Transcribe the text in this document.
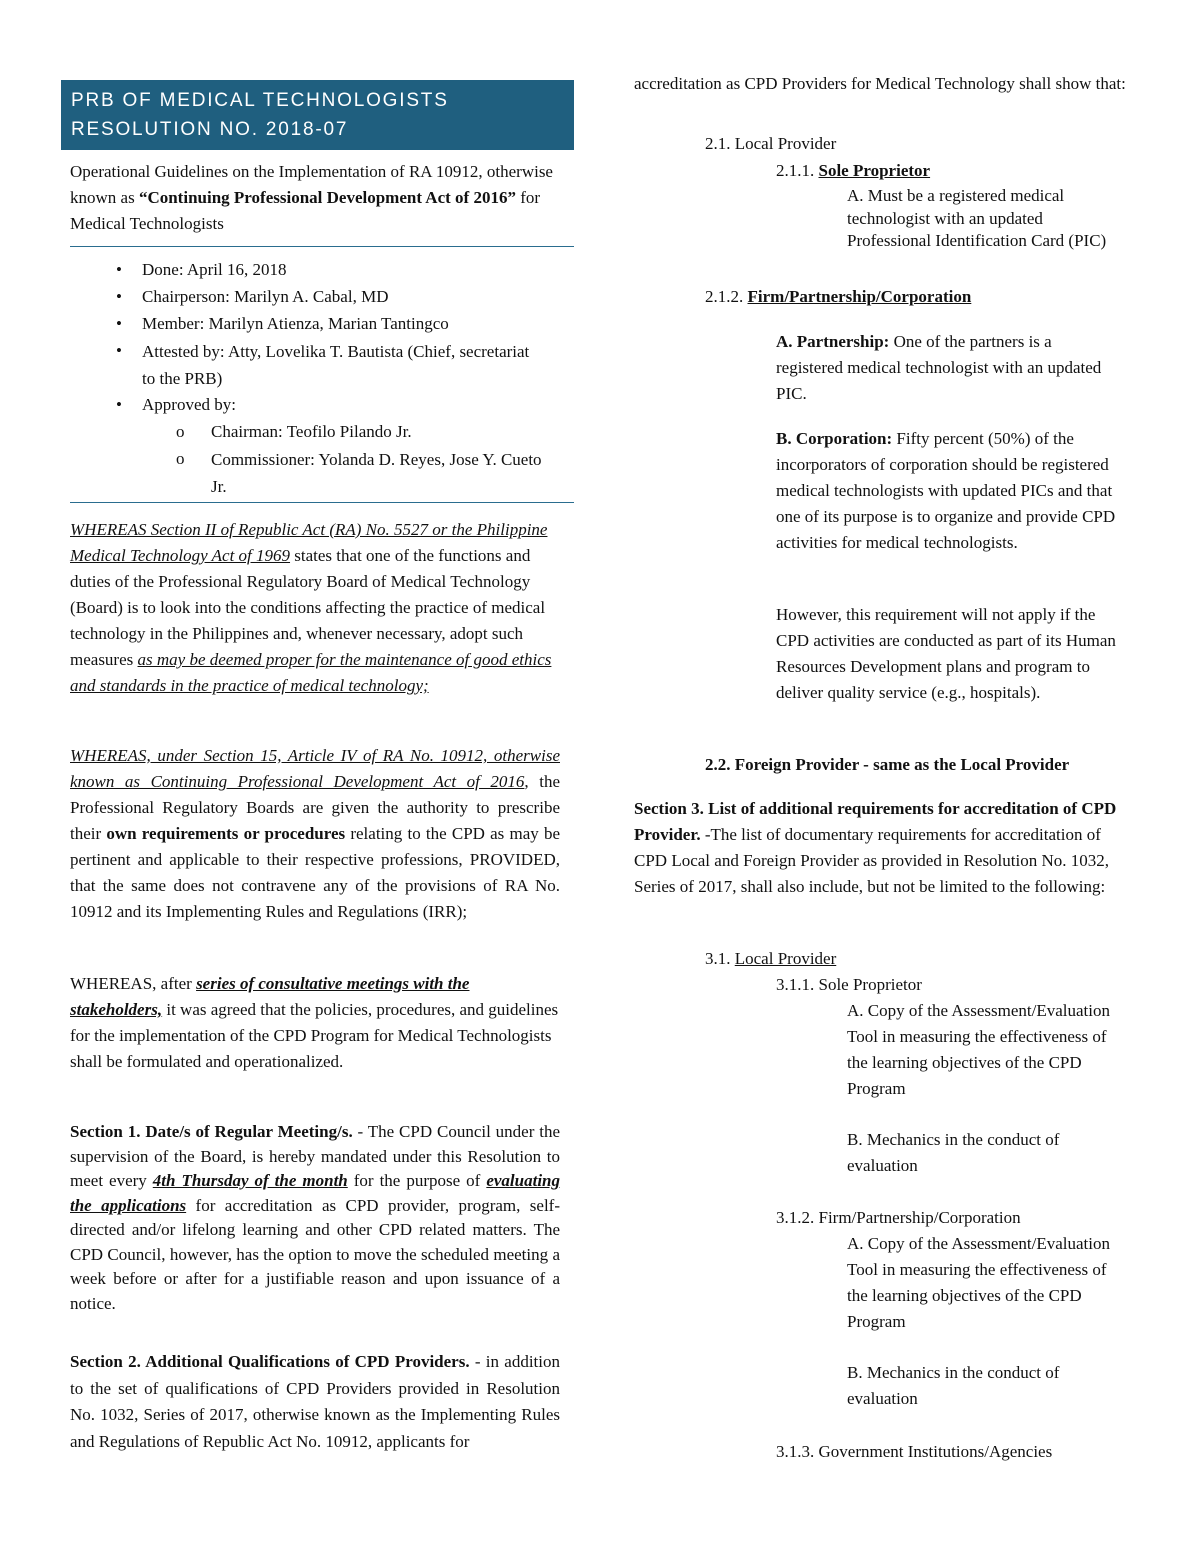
PRB OF MEDICAL TECHNOLOGISTS
RESOLUTION NO. 2018-07
Operational Guidelines on the Implementation of RA 10912, otherwise known as “Continuing Professional Development Act of 2016” for Medical Technologists
• Done: April 16, 2018
• Chairperson: Marilyn A. Cabal, MD
• Member: Marilyn Atienza, Marian Tantingco
• Attested by: Atty, Lovelika T. Bautista (Chief, secretariat to the PRB)
• Approved by:
o Chairman: Teofilo Pilando Jr.
o Commissioner: Yolanda D. Reyes, Jose Y. Cueto Jr.
WHEREAS Section II of Republic Act (RA) No. 5527 or the Philippine Medical Technology Act of 1969 states that one of the functions and duties of the Professional Regulatory Board of Medical Technology (Board) is to look into the conditions affecting the practice of medical technology in the Philippines and, whenever necessary, adopt such measures as may be deemed proper for the maintenance of good ethics and standards in the practice of medical technology;
WHEREAS, under Section 15, Article IV of RA No. 10912, otherwise known as Continuing Professional Development Act of 2016, the Professional Regulatory Boards are given the authority to prescribe their own requirements or procedures relating to the CPD as may be pertinent and applicable to their respective professions, PROVIDED, that the same does not contravene any of the provisions of RA No. 10912 and its Implementing Rules and Regulations (IRR);
WHEREAS, after series of consultative meetings with the stakeholders, it was agreed that the policies, procedures, and guidelines for the implementation of the CPD Program for Medical Technologists shall be formulated and operationalized.
Section 1. Date/s of Regular Meeting/s. - The CPD Council under the supervision of the Board, is hereby mandated under this Resolution to meet every 4th Thursday of the month for the purpose of evaluating the applications for accreditation as CPD provider, program, self-directed and/or lifelong learning and other CPD related matters. The CPD Council, however, has the option to move the scheduled meeting a week before or after for a justifiable reason and upon issuance of a notice.
Section 2. Additional Qualifications of CPD Providers. - in addition to the set of qualifications of CPD Providers provided in Resolution No. 1032, Series of 2017, otherwise known as the Implementing Rules and Regulations of Republic Act No. 10912, applicants for
accreditation as CPD Providers for Medical Technology shall show that:
2.1. Local Provider
2.1.1. Sole Proprietor
A. Must be a registered medical technologist with an updated Professional Identification Card (PIC)
2.1.2. Firm/Partnership/Corporation
A. Partnership: One of the partners is a registered medical technologist with an updated PIC.
B. Corporation: Fifty percent (50%) of the incorporators of corporation should be registered medical technologists with updated PICs and that one of its purpose is to organize and provide CPD activities for medical technologists.
However, this requirement will not apply if the CPD activities are conducted as part of its Human Resources Development plans and program to deliver quality service (e.g., hospitals).
2.2. Foreign Provider - same as the Local Provider
Section 3. List of additional requirements for accreditation of CPD Provider. -The list of documentary requirements for accreditation of CPD Local and Foreign Provider as provided in Resolution No. 1032, Series of 2017, shall also include, but not be limited to the following:
3.1. Local Provider
3.1.1. Sole Proprietor
A. Copy of the Assessment/Evaluation Tool in measuring the effectiveness of the learning objectives of the CPD Program
B. Mechanics in the conduct of evaluation
3.1.2. Firm/Partnership/Corporation
A. Copy of the Assessment/Evaluation Tool in measuring the effectiveness of the learning objectives of the CPD Program
B. Mechanics in the conduct of evaluation
3.1.3. Government Institutions/Agencies
